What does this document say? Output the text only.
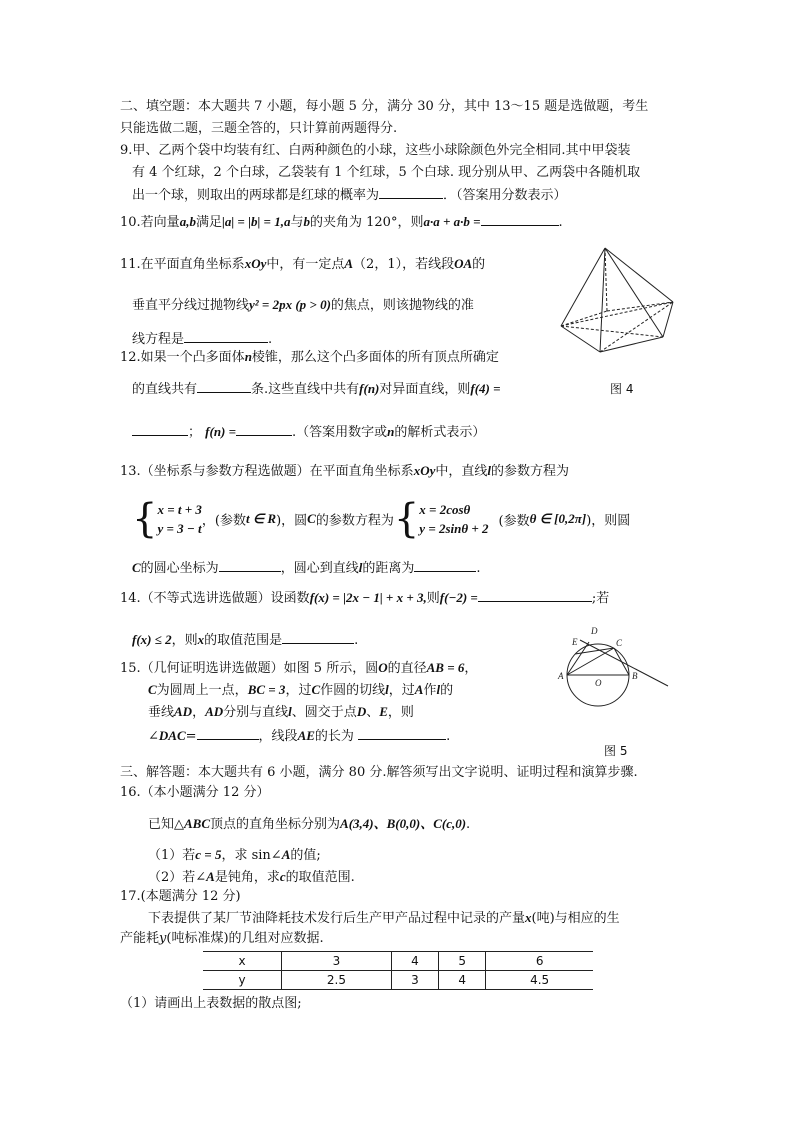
二、填空题：本大题共 7 小题，每小题 5 分，满分 30 分，其中 13～15 题是选做题，考生
只能选做二题，三题全答的，只计算前两题得分.
9.甲、乙两个袋中均装有红、白两种颜色的小球，这些小球除颜色外完全相同.其中甲袋装
有 4 个红球，2 个白球，乙袋装有 1 个红球，5 个白球. 现分别从甲、乙两袋中各随机取
出一个球，则取出的两球都是红球的概率为	．（答案用分数表示）
10.若向量a,b满足|a| = |b| = 1,a与b的夹角为 120°，则a·a + a·b =	.
11.在平面直角坐标系xOy中，有一定点A（2，1），若线段OA的
垂直平分线过抛物线y² = 2px (p > 0)的焦点，则该抛物线的准
线方程是	.
12.如果一个凸多面体n棱锥，那么这个凸多面体的所有顶点所确定
的直线共有	条.这些直线中共有f(n)对异面直线，则f(4) =	图 4
； f(n) =	.（答案用数字或n的解析式表示）
13.（坐标系与参数方程选做题）在平面直角坐标系xOy中，直线l的参数方程为
{x = t + 3
y = 3 − t，(参数t ∈ R)，圆C的参数方程为{x = 2cosθ
y = 2sinθ + 2 (参数θ ∈ [0,2π])，则圆
C的圆心坐标为	，圆心到直线l的距离为	.
14.（不等式选讲选做题）设函数f(x) = |2x − 1| + x + 3,则f(−2) =	;若
f(x) ≤ 2，则x的取值范围是	.
15.（几何证明选讲选做题）如图 5 所示，圆O的直径AB = 6，
C为圆周上一点，BC = 3，过C作圆的切线l，过A作l的
垂线AD，AD分别与直线l、圆交于点D、E，则
∠DAC=	，线段AE的长为	.
A	B
C
D
E
O
图 5
三、解答题：本大题共有 6 小题，满分 80 分.解答须写出文字说明、证明过程和演算步骤.
16.（本小题满分 12 分）
已知△ABC顶点的直角坐标分别为A(3,4)、B(0,0)、C(c,0).
（1）若c = 5，求 sin∠A的值;
（2）若∠A是钝角，求c的取值范围.
17.(本题满分 12 分)
下表提供了某厂节油降耗技术发行后生产甲产品过程中记录的产量x(吨)与相应的生
产能耗y(吨标准煤)的几组对应数据.
x	3	4	5	6
y	2.5	3	4	4.5
（1）请画出上表数据的散点图;
